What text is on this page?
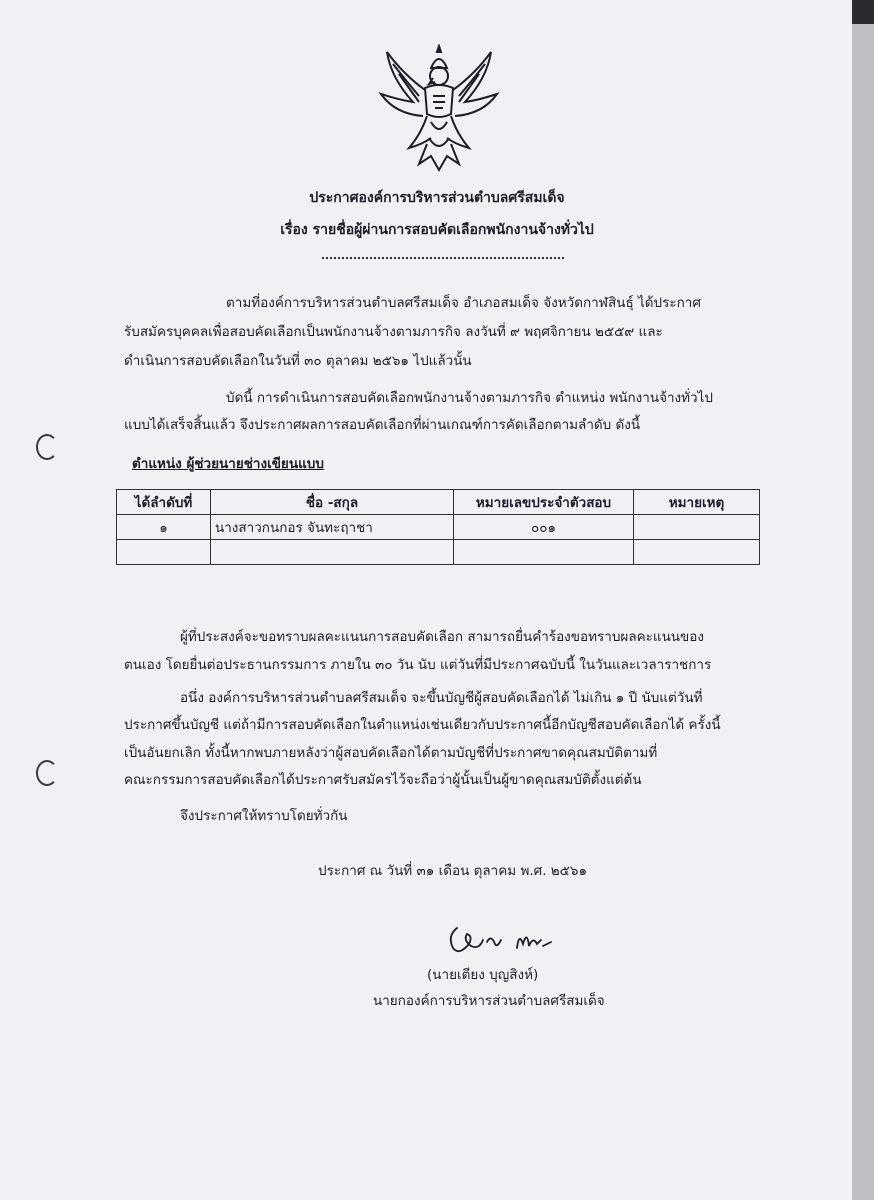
ประกาศองค์การบริหารส่วนตำบลศรีสมเด็จ
เรื่อง รายชื่อผู้ผ่านการสอบคัดเลือกพนักงานจ้างทั่วไป
ตามที่องค์การบริหารส่วนตำบลศรีสมเด็จ อำเภอสมเด็จ จังหวัดกาฬสินธุ์ ได้ประกาศ
รับสมัครบุคคลเพื่อสอบคัดเลือกเป็นพนักงานจ้างตามภารกิจ ลงวันที่ ๙ พฤศจิกายน ๒๕๕๙ และ
ดำเนินการสอบคัดเลือกในวันที่ ๓๐ ตุลาคม ๒๕๖๑ ไปแล้วนั้น
บัดนี้ การดำเนินการสอบคัดเลือกพนักงานจ้างตามภารกิจ ตำแหน่ง พนักงานจ้างทั่วไป
แบบได้เสร็จสิ้นแล้ว จึงประกาศผลการสอบคัดเลือกที่ผ่านเกณฑ์การคัดเลือกตามลำดับ ดังนี้
ตำแหน่ง ผู้ช่วยนายช่างเขียนแบบ
ได้ลำดับที่	ชื่อ -สกุล	หมายเลขประจำตัวสอบ	หมายเหตุ
๑	นางสาวกนกอร จันทะฤาชา	๐๐๑	

ผู้ที่ประสงค์จะขอทราบผลคะแนนการสอบคัดเลือก สามารถยื่นคำร้องขอทราบผลคะแนนของ
ตนเอง โดยยื่นต่อประธานกรรมการ ภายใน ๓๐ วัน นับ แต่วันที่มีประกาศฉบับนี้ ในวันและเวลาราชการ
อนึ่ง องค์การบริหารส่วนตำบลศรีสมเด็จ จะขึ้นบัญชีผู้สอบคัดเลือกได้ ไม่เกิน ๑ ปี นับแต่วันที่
ประกาศขึ้นบัญชี แต่ถ้ามีการสอบคัดเลือกในตำแหน่งเช่นเดียวกับประกาศนี้อีกบัญชีสอบคัดเลือกได้ ครั้งนี้
เป็นอันยกเลิก ทั้งนี้หากพบภายหลังว่าผู้สอบคัดเลือกได้ตามบัญชีที่ประกาศขาดคุณสมบัติตามที่
คณะกรรมการสอบคัดเลือกได้ประกาศรับสมัครไว้จะถือว่าผู้นั้นเป็นผู้ขาดคุณสมบัติตั้งแต่ต้น
จึงประกาศให้ทราบโดยทั่วกัน
ประกาศ ณ วันที่ ๓๑ เดือน ตุลาคม พ.ศ. ๒๕๖๑
(นายเตียง บุญสิงห์)
นายกองค์การบริหารส่วนตำบลศรีสมเด็จ
